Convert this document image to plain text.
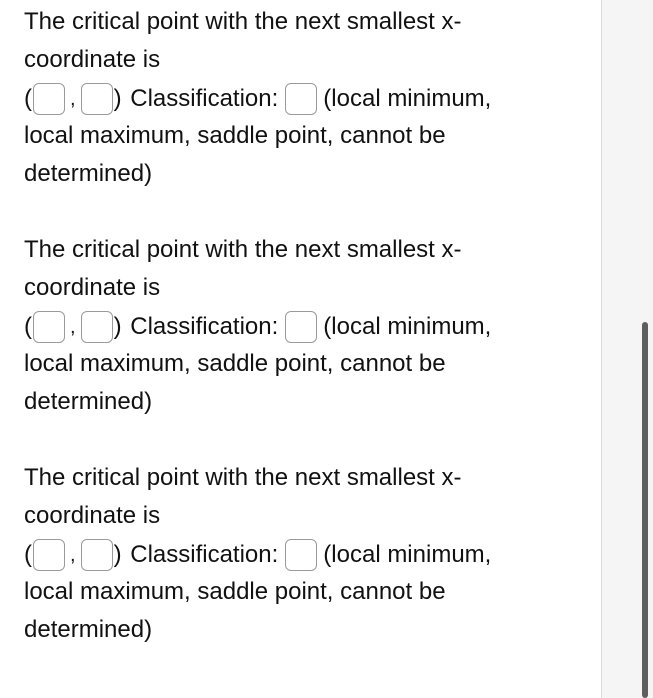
The critical point with the next smallest x-
coordinate is
( , ) Classification: (local minimum,
local maximum, saddle point, cannot be
determined)
The critical point with the next smallest x-
coordinate is
( , ) Classification: (local minimum,
local maximum, saddle point, cannot be
determined)
The critical point with the next smallest x-
coordinate is
( , ) Classification: (local minimum,
local maximum, saddle point, cannot be
determined)
